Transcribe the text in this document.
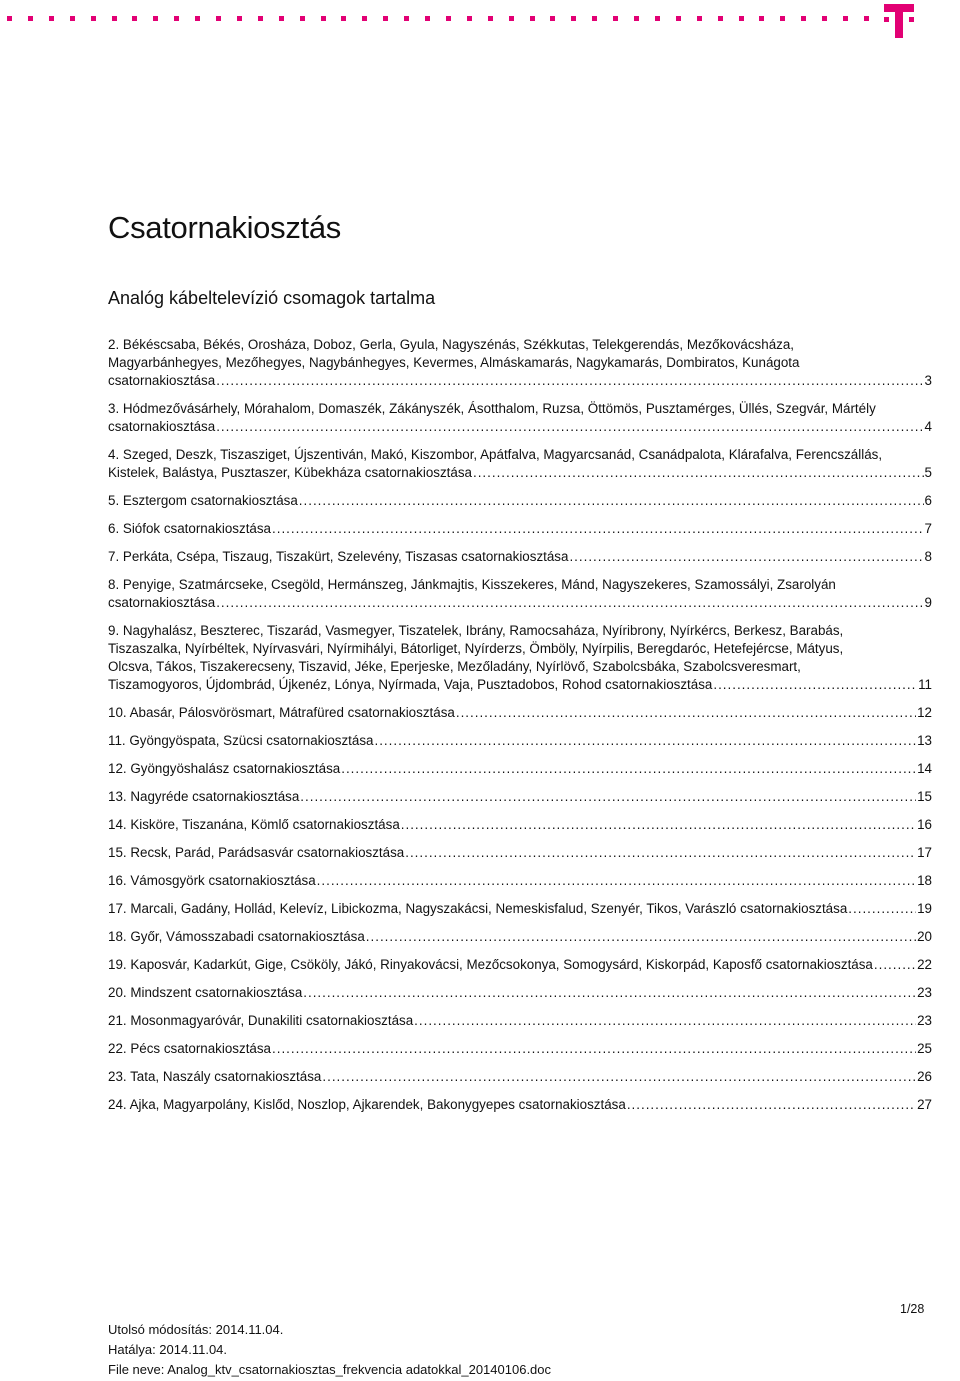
Csatornakiosztás
Analóg kábeltelevízió csomagok tartalma
2. Békéscsaba, Békés, Orosháza, Doboz, Gerla, Gyula, Nagyszénás, Székkutas, Telekgerendás, Mezőkovácsháza,
Magyarbánhegyes, Mezőhegyes, Nagybánhegyes, Kevermes, Almáskamarás, Nagykamarás, Dombiratos, Kunágota
csatornakiosztása .....	3
3. Hódmezővásárhely, Mórahalom, Domaszék, Zákányszék, Ásotthalom, Ruzsa, Öttömös, Pusztamérges, Üllés, Szegvár, Mártély
csatornakiosztása .....	4
4. Szeged, Deszk, Tiszasziget, Újszentiván, Makó, Kiszombor, Apátfalva, Magyarcsanád, Csanádpalota, Klárafalva, Ferencszállás,
Kistelek, Balástya, Pusztaszer, Kübekháza csatornakiosztása .....	5
5. Esztergom csatornakiosztása .....	6
6. Siófok csatornakiosztása .....	7
7. Perkáta, Csépa, Tiszaug, Tiszakürt, Szelevény, Tiszasas csatornakiosztása .....	8
8. Penyige, Szatmárcseke, Csegöld, Hermánszeg, Jánkmajtis, Kisszekeres, Mánd, Nagyszekeres, Szamossályi, Zsarolyán
csatornakiosztása .....	9
9. Nagyhalász, Beszterec, Tiszarád, Vasmegyer, Tiszatelek, Ibrány, Ramocsaháza, Nyíribrony, Nyírkércs, Berkesz, Barabás,
Tiszaszalka, Nyírbéltek, Nyírvasvári, Nyírmihályi, Bátorliget, Nyírderzs, Ömböly, Nyírpilis, Beregdaróc, Hetefejércse, Mátyus,
Olcsva, Tákos, Tiszakerecseny, Tiszavid, Jéke, Eperjeske, Mezőladány, Nyírlövő, Szabolcsbáka, Szabolcsveresmart,
Tiszamogyoros, Újdombrád, Újkenéz, Lónya, Nyírmada, Vaja, Pusztadobos, Rohod csatornakiosztása .....	11
10. Abasár, Pálosvörösmart, Mátrafüred csatornakiosztása .....	12
11. Gyöngyöspata, Szücsi csatornakiosztása .....	13
12. Gyöngyöshalász csatornakiosztása .....	14
13. Nagyréde csatornakiosztása .....	15
14. Kisköre, Tiszanána, Kömlő csatornakiosztása .....	16
15. Recsk, Parád, Parádsasvár csatornakiosztása .....	17
16. Vámosgyörk csatornakiosztása .....	18
17. Marcali, Gadány, Hollád, Kelevíz, Libickozma, Nagyszakácsi, Nemeskisfalud, Szenyér, Tikos, Varászló csatornakiosztása .....	19
18. Győr, Vámosszabadi csatornakiosztása .....	20
19. Kaposvár, Kadarkút, Gige, Csököly, Jákó, Rinyakovácsi, Mezőcsokonya, Somogysárd, Kiskorpád, Kaposfő csatornakiosztása .....	22
20. Mindszent csatornakiosztása .....	23
21. Mosonmagyaróvár, Dunakiliti csatornakiosztása .....	23
22. Pécs csatornakiosztása .....	25
23. Tata, Naszály csatornakiosztása .....	26
24. Ajka, Magyarpolány, Kislőd, Noszlop, Ajkarendek, Bakonygyepes csatornakiosztása .....	27
1/28
Utolsó módosítás: 2014.11.04.
Hatálya: 2014.11.04.
File neve: Analog_ktv_csatornakiosztas_frekvencia adatokkal_20140106.doc
